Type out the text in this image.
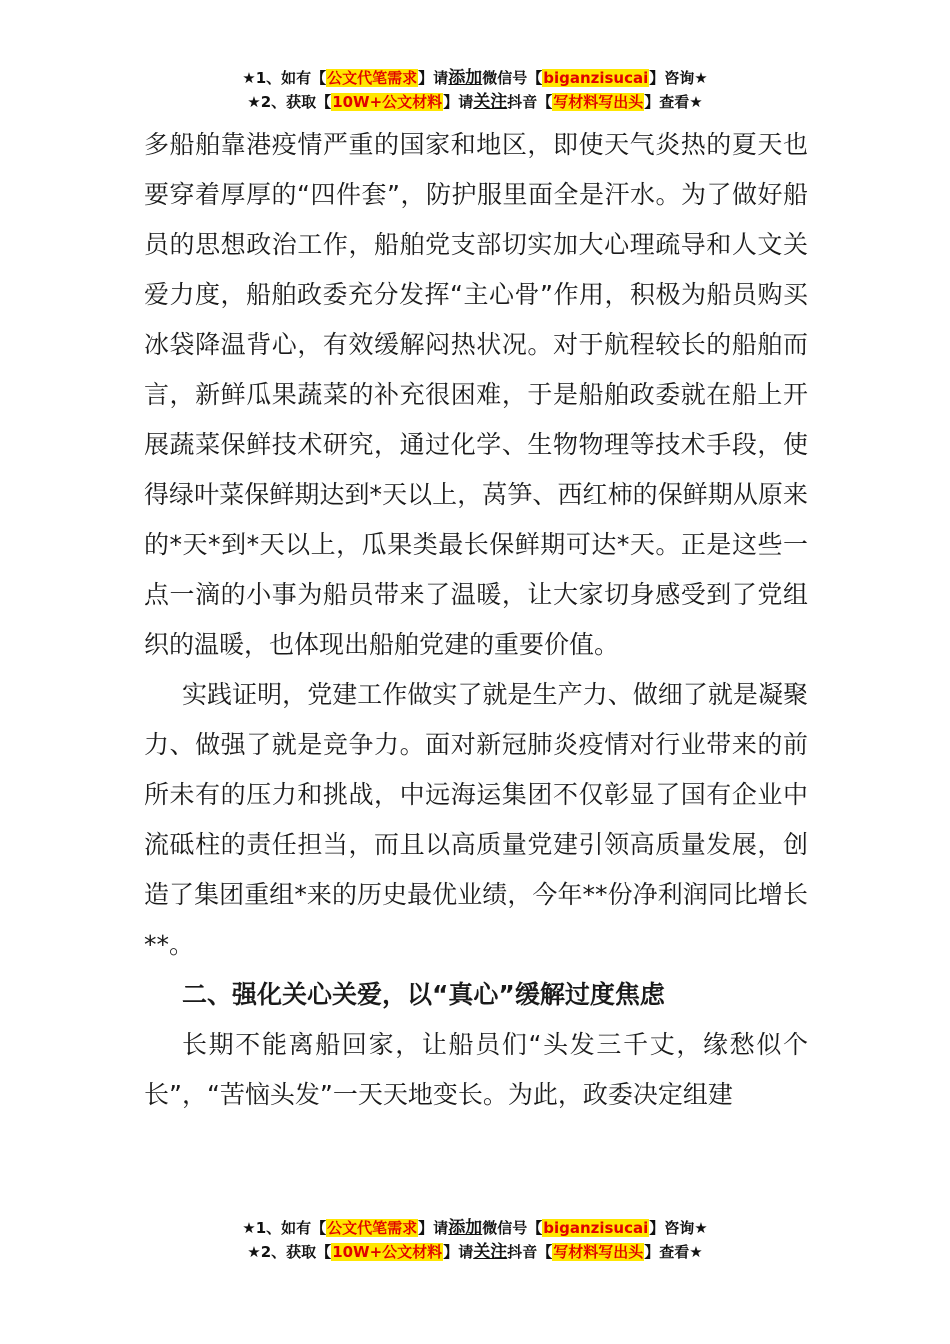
★1、如有【公文代笔需求】请添加微信号【biganzisucai】咨询★
★2、获取【10W+公文材料】请关注抖音【写材料写出头】查看★

多船舶靠港疫情严重的国家和地区，即使天气炎热的夏天也要穿着厚厚的“四件套”，防护服里面全是汗水。为了做好船员的思想政治工作，船舶党支部切实加大心理疏导和人文关爱力度，船舶政委充分发挥“主心骨”作用，积极为船员购买冰袋降温背心，有效缓解闷热状况。对于航程较长的船舶而言，新鲜瓜果蔬菜的补充很困难，于是船舶政委就在船上开展蔬菜保鲜技术研究，通过化学、生物物理等技术手段，使得绿叶菜保鲜期达到*天以上，莴笋、西红柿的保鲜期从原来的*天*到*天以上，瓜果类最长保鲜期可达*天。正是这些一点一滴的小事为船员带来了温暖，让大家切身感受到了党组织的温暖，也体现出船舶党建的重要价值。

实践证明，党建工作做实了就是生产力、做细了就是凝聚力、做强了就是竞争力。面对新冠肺炎疫情对行业带来的前所未有的压力和挑战，中远海运集团不仅彰显了国有企业中流砥柱的责任担当，而且以高质量党建引领高质量发展，创造了集团重组*来的历史最优业绩，今年**份净利润同比增长**。

二、强化关心关爱，以“真心”缓解过度焦虑

长期不能离船回家，让船员们“头发三千丈，缘愁似个长”，“苦恼头发”一天天地变长。为此，政委决定组建

★1、如有【公文代笔需求】请添加微信号【biganzisucai】咨询★
★2、获取【10W+公文材料】请关注抖音【写材料写出头】查看★
